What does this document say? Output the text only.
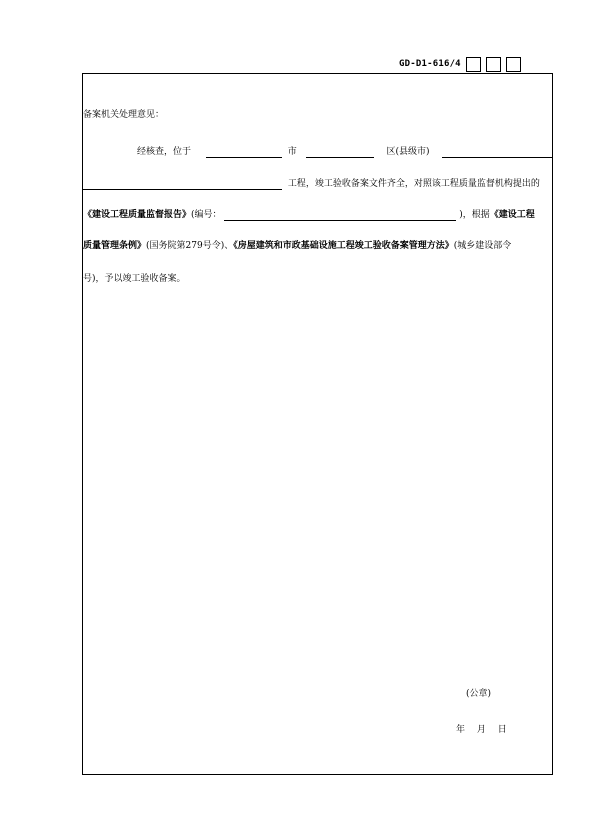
GD-D1-616/4
备案机关处理意见：
经核查，位于	市	区(县级市)
工程，竣工验收备案文件齐全，对照该工程质量监督机构提出的
《建设工程质量监督报告》(编号：	)，根据《建设工程
质量管理条例》(国务院第279号令)、《房屋建筑和市政基础设施工程竣工验收备案管理方法》(城乡建设部令
号)，予以竣工验收备案。
(公章)
年 月 日
